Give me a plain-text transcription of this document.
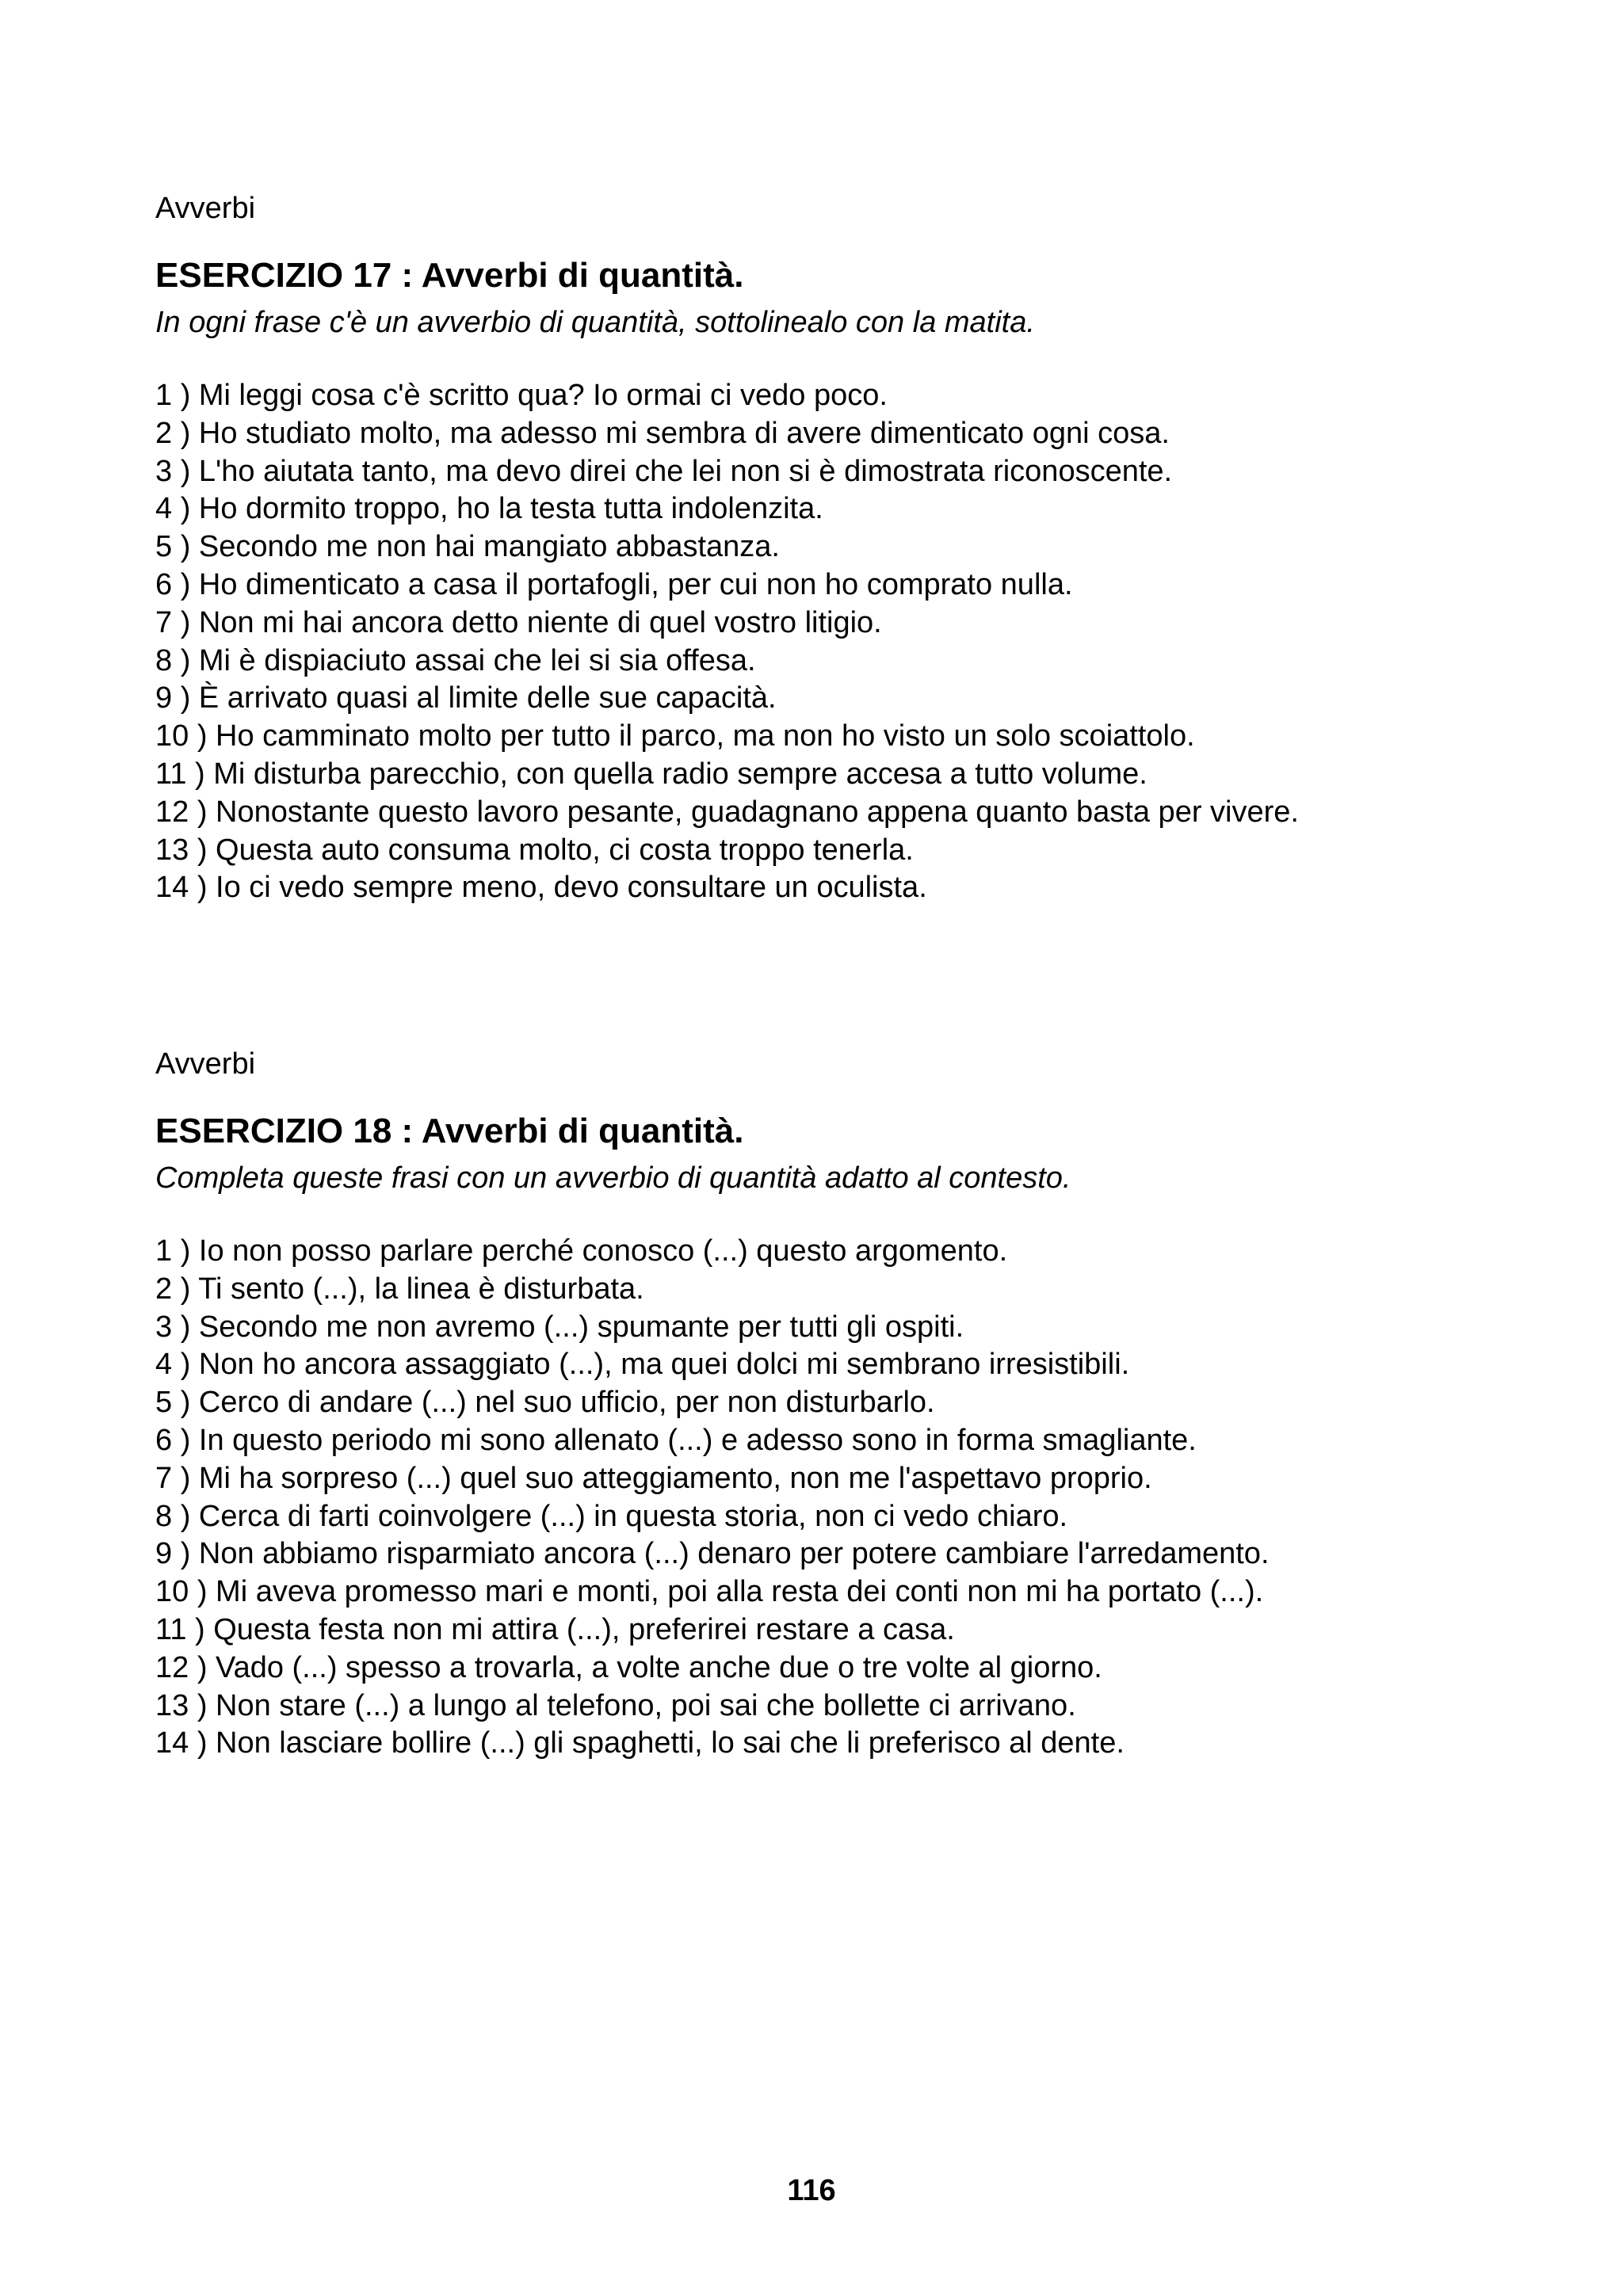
Avverbi

ESERCIZIO 17 : Avverbi di quantità.

In ogni frase c'è un avverbio di quantità, sottolinealo con la matita.

1 ) Mi leggi cosa c'è scritto qua? Io ormai ci vedo poco.
2 ) Ho studiato molto, ma adesso mi sembra di avere dimenticato ogni cosa.
3 ) L'ho aiutata tanto, ma devo direi che lei non si è dimostrata riconoscente.
4 ) Ho dormito troppo, ho la testa tutta indolenzita.
5 ) Secondo me non hai mangiato abbastanza.
6 ) Ho dimenticato a casa il portafogli, per cui non ho comprato nulla.
7 ) Non mi hai ancora detto niente di quel vostro litigio.
8 ) Mi è dispiaciuto assai che lei si sia offesa.
9 ) È arrivato quasi al limite delle sue capacità.
10 ) Ho camminato molto per tutto il parco, ma non ho visto un solo scoiattolo.
11 ) Mi disturba parecchio, con quella radio sempre accesa a tutto volume.
12 ) Nonostante questo lavoro pesante, guadagnano appena quanto basta per vivere.
13 ) Questa auto consuma molto, ci costa troppo tenerla.
14 ) Io ci vedo sempre meno, devo consultare un oculista.

Avverbi

ESERCIZIO 18 : Avverbi di quantità.

Completa queste frasi con un avverbio di quantità adatto al contesto.

1 ) Io non posso parlare perché conosco (...) questo argomento.
2 ) Ti sento (...), la linea è disturbata.
3 ) Secondo me non avremo (...) spumante per tutti gli ospiti.
4 ) Non ho ancora assaggiato (...), ma quei dolci mi sembrano irresistibili.
5 ) Cerco di andare (...) nel suo ufficio, per non disturbarlo.
6 ) In questo periodo mi sono allenato (...) e adesso sono in forma smagliante.
7 ) Mi ha sorpreso (...) quel suo atteggiamento, non me l'aspettavo proprio.
8 ) Cerca di farti coinvolgere (...) in questa storia, non ci vedo chiaro.
9 ) Non abbiamo risparmiato ancora (...) denaro per potere cambiare l'arredamento.
10 ) Mi aveva promesso mari e monti, poi alla resta dei conti non mi ha portato (...).
11 ) Questa festa non mi attira (...), preferirei restare a casa.
12 ) Vado (...) spesso a trovarla, a volte anche due o tre volte al giorno.
13 ) Non stare (...) a lungo al telefono, poi sai che bollette ci arrivano.
14 ) Non lasciare bollire (...) gli spaghetti, lo sai che li preferisco al dente.
116
